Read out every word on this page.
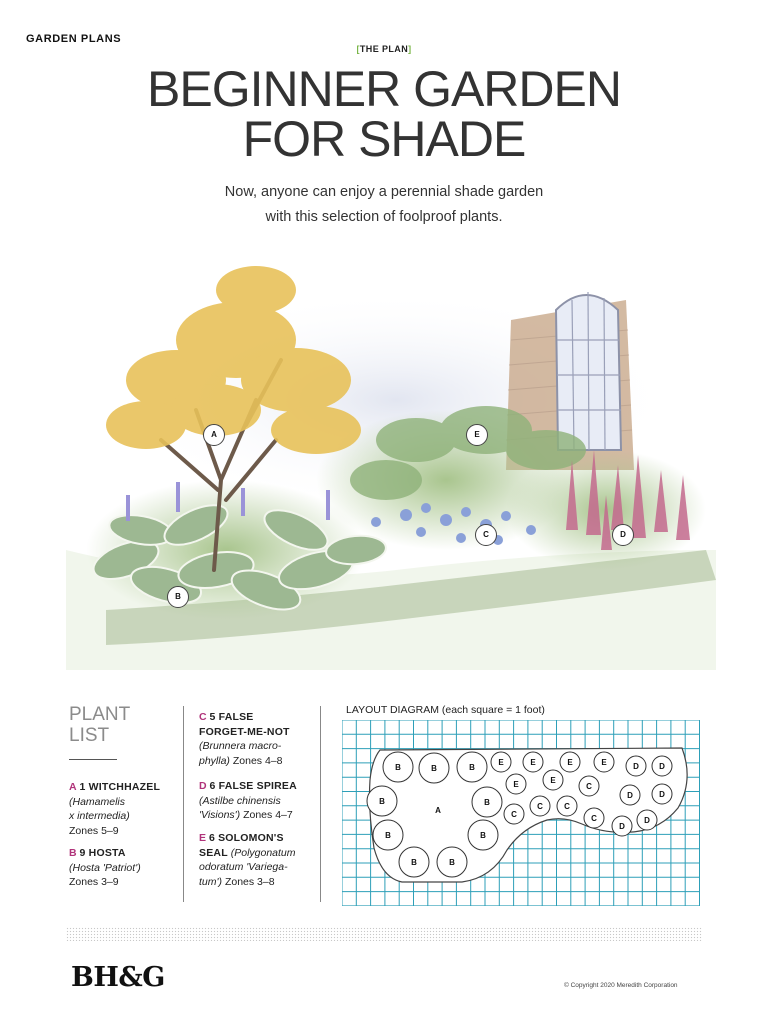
GARDEN PLANS
[THE PLAN]
BEGINNER GARDEN
FOR SHADE
Now, anyone can enjoy a perennial shade garden
with this selection of foolproof plants.
A	E
C	D
B
PLANT
LIST
A 1 WITCHHAZEL
(Hamamelis
x intermedia)
Zones 5–9
B 9 HOSTA
(Hosta 'Patriot')
Zones 3–9
C 5 FALSE
FORGET-ME-NOT
(Brunnera macro-
phylla) Zones 4–8
D 6 FALSE SPIREA
(Astilbe chinensis
'Visions') Zones 4–7
E 6 SOLOMON'S
SEAL (Polygonatum
odoratum 'Variega-
tum') Zones 3–8
LAYOUT DIAGRAM (each square = 1 foot)
B	B	B
B	B
B	B
B	B
A
E	E	E	E
E	E
C
C	C
C
C
D	D
D	D
D
D
BH&G	© Copyright 2020 Meredith Corporation
